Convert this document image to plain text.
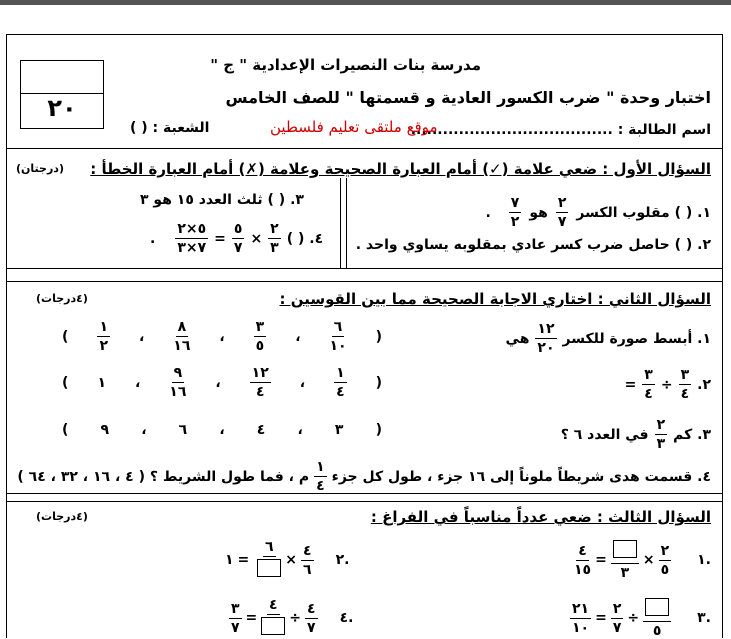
٢٠
مدرسة بنات النصيرات الإعدادية " ج "
اختبار وحدة " ضرب الكسور العادية و قسمتها " للصف الخامس
اسم الطالبة : ......................................
موقع ملتقى تعليم فلسطين
الشعبة : ( )
السؤال الأول : ضعي علامة (✓) أمام العبارة الصحيحة وعلامة (✗) أمام العبارة الخطأ :
(درجتان)
١. ( ) مقلوب الكسر
$\frac{٢}{٧}$
هو
$\frac{٧}{٢}$
.
٢. ( ) حاصل ضرب كسر عادي بمقلوبه يساوي واحد .
٣. ( ) ثلث العدد ١٥ هو ٣
٤. ( )
$\frac{٢}{٣}$
×
$\frac{٥}{٧}$
=
$\frac{٥\times ٢}{٧\times ٣}$
.
السؤال الثاني : اختاري الاجابة الصحيحة مما بين القوسين :
(٤درجات)
١. أبسط صورة للكسر
$\frac{١٢}{٢٠}$
هي
(
$\frac{٦}{١٠}$
،
$\frac{٣}{٥}$
،
$\frac{٨}{١٦}$
،
$\frac{١}{٢}$
)
٢.
$\frac{٣}{٤}$
÷
$\frac{٣}{٤}$
=
(
$\frac{١}{٤}$
،
$\frac{١٢}{٤}$
،
$\frac{٩}{١٦}$
،
١
)
٣. كم
$\frac{٢}{٣}$
في العدد ٦ ؟
(
٣
،
٤
،
٦
،
٩
)
٤. قسمت هدى شريطاً ملوناً إلى ١٦ جزء ، طول كل جزء
$\frac{١}{٤}$
م ، فما طول الشريط ؟ ( ٤ ، ١٦ ، ٣٢ ، ٦٤ )
السؤال الثالث : ضعي عدداً مناسباً في الفراغ :
(٤درجات)
$\frac{٤}{١٥}$ =
٣
× $\frac{٢}{٥}$ ١.
١ =
٦
× $\frac{٤}{٦}$ ٢.
$\frac{٢١}{١٠} = \frac{٢}{٧}$ ÷
٥
٣.
$\frac{٣}{٧}$ =
٤
÷ $\frac{٤}{٧}$ ٤.
